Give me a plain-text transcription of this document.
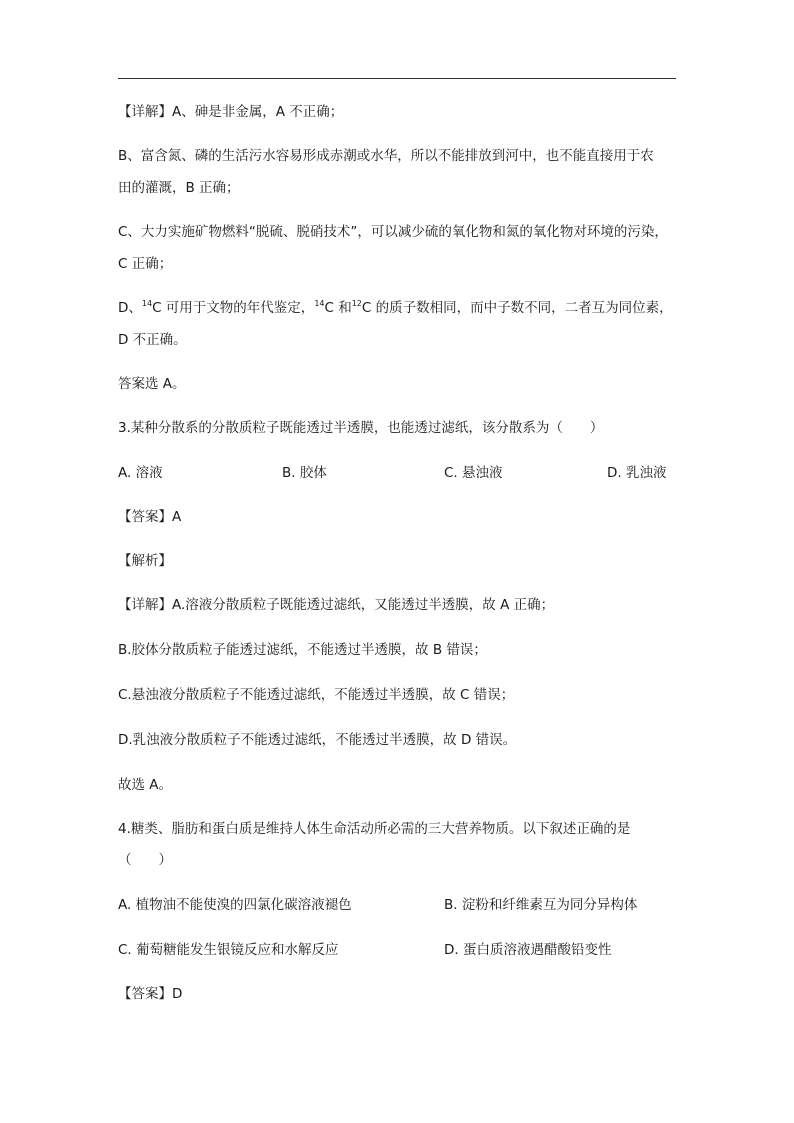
【详解】A、砷是非金属，A 不正确；
B、富含氮、磷的生活污水容易形成赤潮或水华，所以不能排放到河中，也不能直接用于农
田的灌溉，B 正确；
C、大力实施矿物燃料“脱硫、脱硝技术”，可以减少硫的氧化物和氮的氧化物对环境的污染，
C 正确；
D、$^{14}$C 可用于文物的年代鉴定，$^{14}$C 和$^{12}$C 的质子数相同，而中子数不同，二者互为同位素，
D 不正确。
答案选 A。
3.某种分散系的分散质粒子既能透过半透膜，也能透过滤纸，该分散系为（　　）
A. 溶液	B. 胶体	C. 悬浊液	D. 乳浊液
【答案】A
【解析】
【详解】A.溶液分散质粒子既能透过滤纸，又能透过半透膜，故 A 正确；
B.胶体分散质粒子能透过滤纸，不能透过半透膜，故 B 错误；
C.悬浊液分散质粒子不能透过滤纸，不能透过半透膜，故 C 错误；
D.乳浊液分散质粒子不能透过滤纸，不能透过半透膜，故 D 错误。
故选 A。
4.糖类、脂肪和蛋白质是维持人体生命活动所必需的三大营养物质。以下叙述正确的是
（　　）
A. 植物油不能使溴的四氯化碳溶液褪色	B. 淀粉和纤维素互为同分异构体
C. 葡萄糖能发生银镜反应和水解反应	D. 蛋白质溶液遇醋酸铅变性
【答案】D
